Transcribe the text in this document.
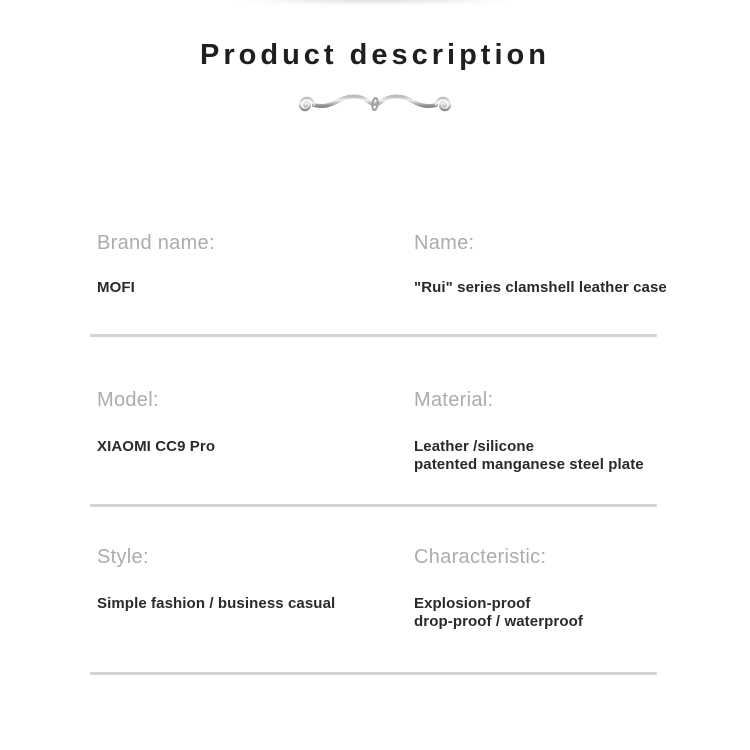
Product description
Brand name:
MOFI
Name:
"Rui" series clamshell leather case
Model:
XIAOMI CC9 Pro
Material:
Leather /silicone
patented manganese steel plate
Style:
Simple fashion / business casual
Characteristic:
Explosion-proof
drop-proof / waterproof
